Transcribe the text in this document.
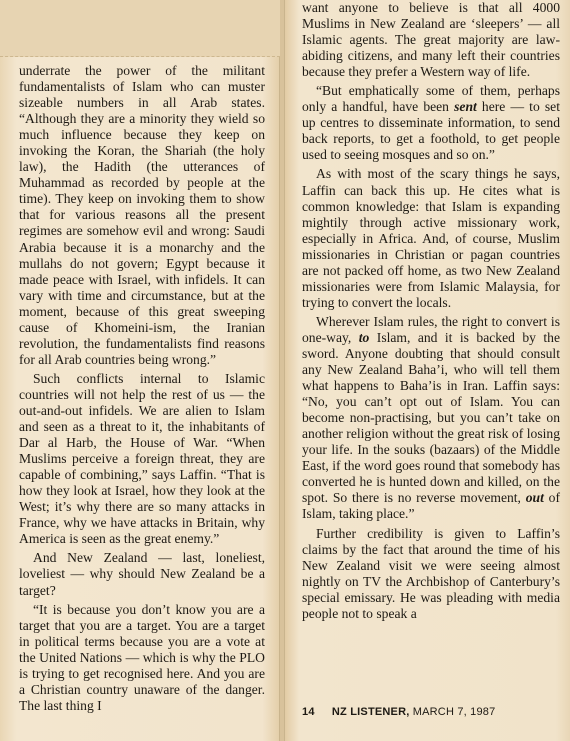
underrate the power of the militant fundamentalists of Islam who can muster sizeable numbers in all Arab states. “Although they are a minority they wield so much influence because they keep on invoking the Koran, the Shariah (the holy law), the Hadith (the utterances of Muhammad as recorded by people at the time). They keep on invoking them to show that for various reasons all the present regimes are somehow evil and wrong: Saudi Arabia because it is a monarchy and the mullahs do not govern; Egypt because it made peace with Israel, with infidels. It can vary with time and circumstance, but at the moment, because of this great sweeping cause of Khomeini-ism, the Iranian revolution, the fundamentalists find reasons for all Arab countries being wrong.”

Such conflicts internal to Islamic countries will not help the rest of us — the out-and-out infidels. We are alien to Islam and seen as a threat to it, the inhabitants of Dar al Harb, the House of War. “When Muslims perceive a foreign threat, they are capable of combining,” says Laffin. “That is how they look at Israel, how they look at the West; it’s why there are so many attacks in France, why we have attacks in Britain, why America is seen as the great enemy.”

And New Zealand — last, loneliest, loveliest — why should New Zealand be a target?

“It is because you don’t know you are a target that you are a target. You are a target in political terms because you are a vote at the United Nations — which is why the PLO is trying to get recognised here. And you are a Christian country unaware of the danger. The last thing I

want anyone to believe is that all 4000 Muslims in New Zealand are ‘sleepers’ — all Islamic agents. The great majority are law-abiding citizens, and many left their countries because they prefer a Western way of life.

“But emphatically some of them, perhaps only a handful, have been sent here — to set up centres to disseminate information, to send back reports, to get a foothold, to get people used to seeing mosques and so on.”

As with most of the scary things he says, Laffin can back this up. He cites what is common knowledge: that Islam is expanding mightily through active missionary work, especially in Africa. And, of course, Muslim missionaries in Christian or pagan countries are not packed off home, as two New Zealand missionaries were from Islamic Malaysia, for trying to convert the locals.

Wherever Islam rules, the right to convert is one-way, to Islam, and it is backed by the sword. Anyone doubting that should consult any New Zealand Baha’i, who will tell them what happens to Baha’is in Iran. Laffin says: “No, you can’t opt out of Islam. You can become non-practising, but you can’t take on another religion without the great risk of losing your life. In the souks (bazaars) of the Middle East, if the word goes round that somebody has converted he is hunted down and killed, on the spot. So there is no reverse movement, out of Islam, taking place.”

Further credibility is given to Laffin’s claims by the fact that around the time of his New Zealand visit we were seeing almost nightly on TV the Archbishop of Canterbury’s special emissary. He was pleading with media people not to speak a

14 NZ LISTENER, MARCH 7, 1987
